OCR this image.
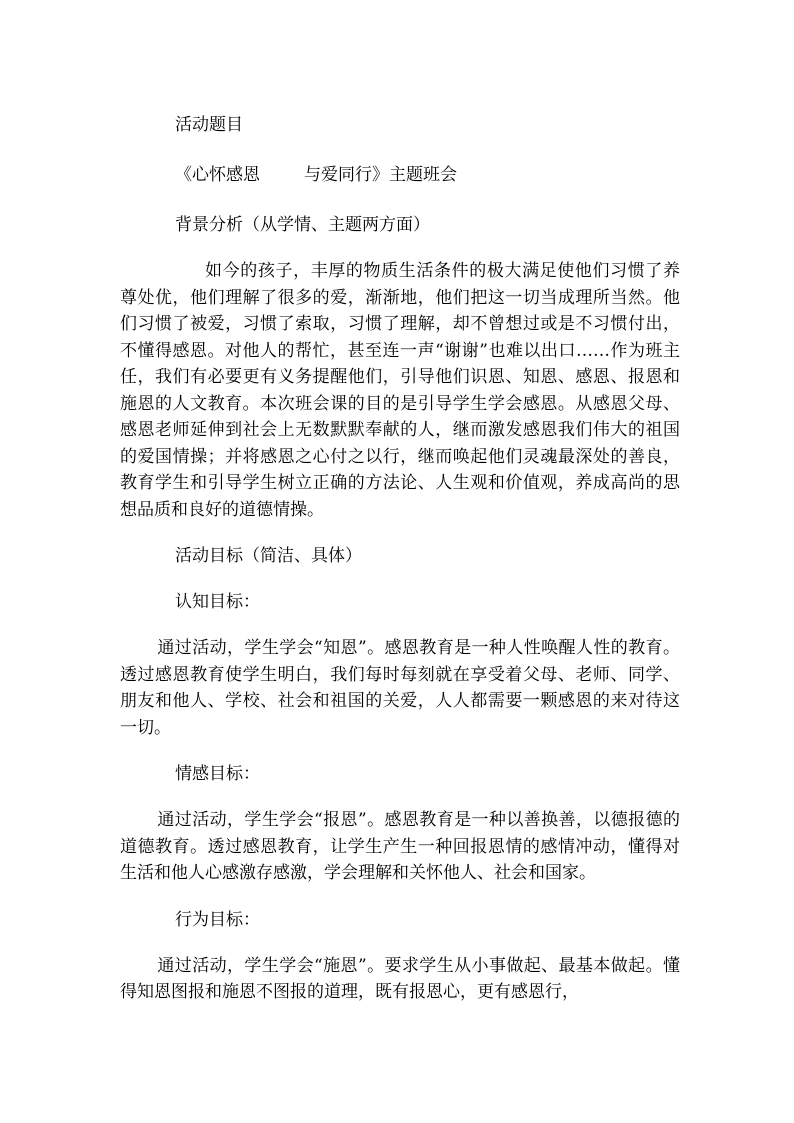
活动题目

《心怀感恩	与爱同行》主题班会

背景分析（从学情、主题两方面）

如今的孩子，丰厚的物质生活条件的极大满足使他们习惯了养尊处优，他们理解了很多的爱，渐渐地，他们把这一切当成理所当然。他们习惯了被爱，习惯了索取，习惯了理解，却不曾想过或是不习惯付出，不懂得感恩。对他人的帮忙，甚至连一声“谢谢”也难以出口……作为班主任，我们有必要更有义务提醒他们，引导他们识恩、知恩、感恩、报恩和施恩的人文教育。本次班会课的目的是引导学生学会感恩。从感恩父母、感恩老师延伸到社会上无数默默奉献的人，继而激发感恩我们伟大的祖国的爱国情操；并将感恩之心付之以行，继而唤起他们灵魂最深处的善良，教育学生和引导学生树立正确的方法论、人生观和价值观，养成高尚的思想品质和良好的道德情操。

活动目标（简洁、具体）

认知目标：

通过活动，学生学会“知恩”。感恩教育是一种人性唤醒人性的教育。透过感恩教育使学生明白，我们每时每刻就在享受着父母、老师、同学、朋友和他人、学校、社会和祖国的关爱，人人都需要一颗感恩的来对待这一切。

情感目标：

通过活动，学生学会“报恩”。感恩教育是一种以善换善，以德报德的道德教育。透过感恩教育，让学生产生一种回报恩情的感情冲动，懂得对生活和他人心感激存感激，学会理解和关怀他人、社会和国家。

行为目标：

通过活动，学生学会“施恩”。要求学生从小事做起、最基本做起。懂得知恩图报和施恩不图报的道理，既有报恩心，更有感恩行，
